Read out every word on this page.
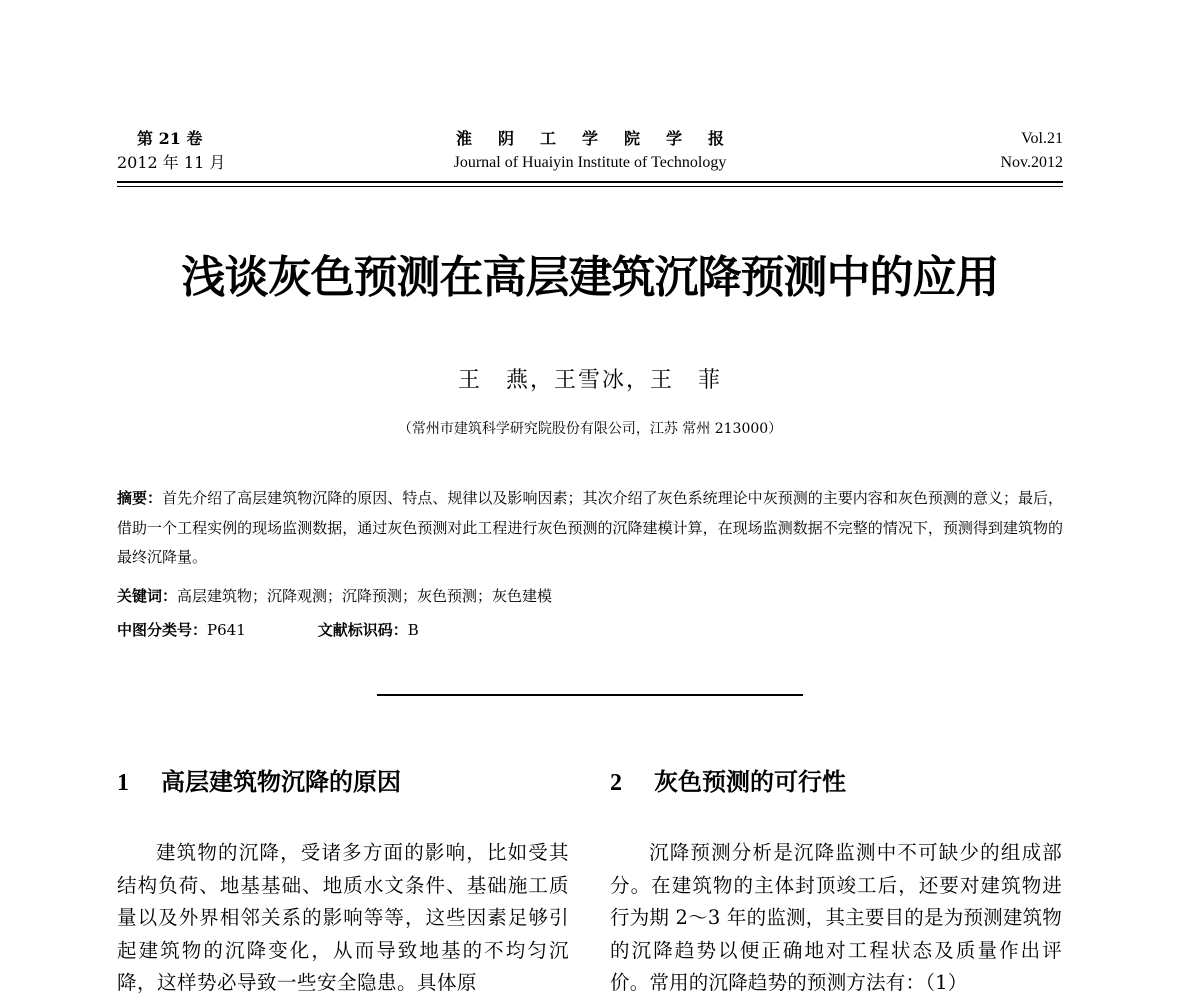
第 21 卷
2012 年 11 月
淮阴工学院学报
Journal of Huaiyin Institute of Technology
Vol.21
Nov.2012
浅谈灰色预测在高层建筑沉降预测中的应用
王　燕，王雪冰，王　菲
（常州市建筑科学研究院股份有限公司，江苏 常州 213000）
摘要：首先介绍了高层建筑物沉降的原因、特点、规律以及影响因素；其次介绍了灰色系统理论中灰预测的主要内容和灰色预测的意义；最后，借助一个工程实例的现场监测数据，通过灰色预测对此工程进行灰色预测的沉降建模计算，在现场监测数据不完整的情况下，预测得到建筑物的最终沉降量。
关键词：高层建筑物；沉降观测；沉降预测；灰色预测；灰色建模
中图分类号：P641	文献标识码：B
1 高层建筑物沉降的原因
建筑物的沉降，受诸多方面的影响，比如受其结构负荷、地基基础、地质水文条件、基础施工质量以及外界相邻关系的影响等等，这些因素足够引起建筑物的沉降变化，从而导致地基的不均匀沉降，这样势必导致一些安全隐患。具体原
2 灰色预测的可行性
沉降预测分析是沉降监测中不可缺少的组成部分。在建筑物的主体封顶竣工后，还要对建筑物进行为期 2～3 年的监测，其主要目的是为预测建筑物的沉降趋势以便正确地对工程状态及质量作出评价。常用的沉降趋势的预测方法有：（1）
